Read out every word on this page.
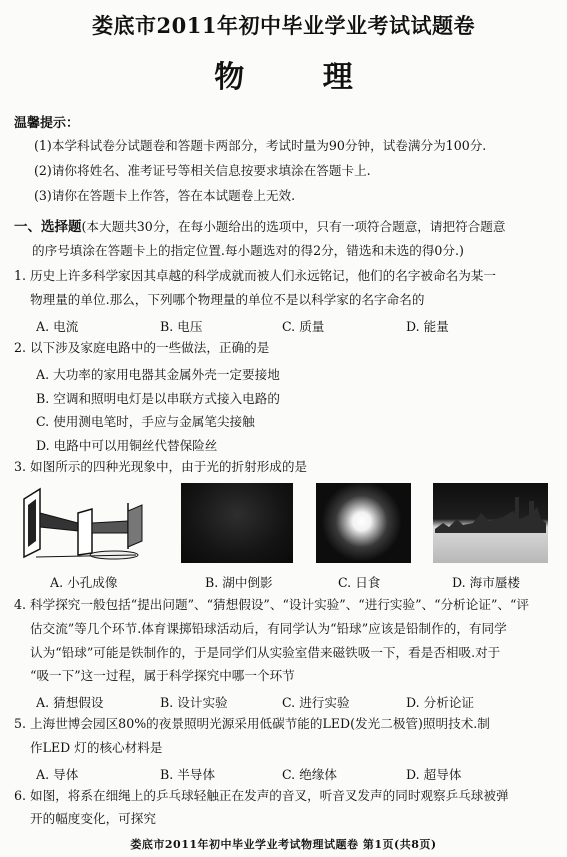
娄底市2011年初中毕业学业考试试题卷
物 理
温馨提示：
(1)本学科试卷分试题卷和答题卡两部分，考试时量为90分钟，试卷满分为100分.
(2)请你将姓名、准考证号等相关信息按要求填涂在答题卡上.
(3)请你在答题卡上作答，答在本试题卷上无效.
一、选择题(本大题共30分，在每小题给出的选项中，只有一项符合题意，请把符合题意
的序号填涂在答题卡上的指定位置.每小题选对的得2分，错选和未选的得0分.)
1. 历史上许多科学家因其卓越的科学成就而被人们永远铭记，他们的名字被命名为某一
物理量的单位.那么，下列哪个物理量的单位不是以科学家的名字命名的
A. 电流	B. 电压	C. 质量	D. 能量
2. 以下涉及家庭电路中的一些做法，正确的是
A. 大功率的家用电器其金属外壳一定要接地
B. 空调和照明电灯是以串联方式接入电路的
C. 使用测电笔时，手应与金属笔尖接触
D. 电路中可以用铜丝代替保险丝
3. 如图所示的四种光现象中，由于光的折射形成的是
A. 小孔成像	B. 湖中倒影	C. 日食	D. 海市蜃楼
4. 科学探究一般包括“提出问题”、“猜想假设”、“设计实验”、“进行实验”、“分析论证”、“评
估交流”等几个环节.体育课掷铅球活动后，有同学认为“铅球”应该是铅制作的，有同学
认为“铅球”可能是铁制作的，于是同学们从实验室借来磁铁吸一下，看是否相吸.对于
“吸一下”这一过程，属于科学探究中哪一个环节
A. 猜想假设	B. 设计实验	C. 进行实验	D. 分析论证
5. 上海世博会园区80%的夜景照明光源采用低碳节能的LED(发光二极管)照明技术.制
作LED 灯的核心材料是
A. 导体	B. 半导体	C. 绝缘体	D. 超导体
6. 如图，将系在细绳上的乒乓球轻触正在发声的音叉，听音叉发声的同时观察乒乓球被弹
开的幅度变化，可探究
娄底市2011年初中毕业学业考试物理试题卷 第1页(共8页)
